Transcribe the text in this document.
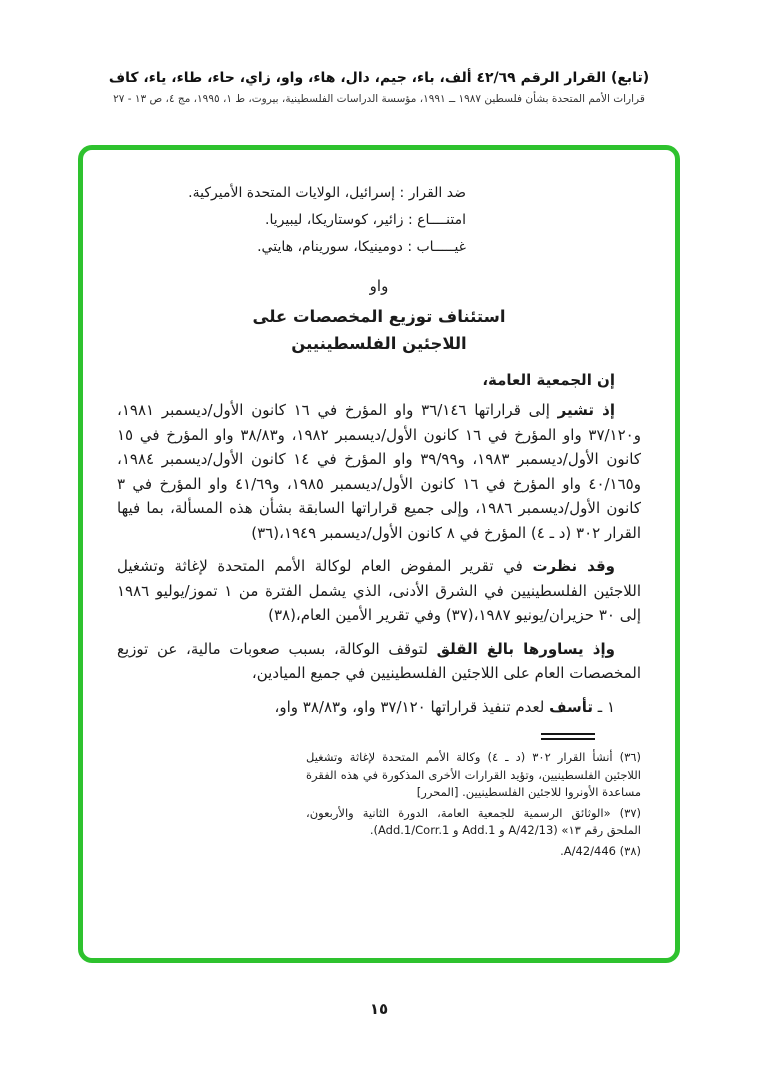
(تابع) القرار الرقم ٤٢/٦٩ ألف، باء، جيم، دال، هاء، واو، زاي، حاء، طاء، ياء، كاف
قرارات الأمم المتحدة بشأن فلسطين ١٩٨٧ ــ ١٩٩١، مؤسسة الدراسات الفلسطينية، بيروت، ط ١، ١٩٩٥، مج ٤، ص ١٣ - ٢٧
ضد القرار : إسرائيل، الولايات المتحدة الأميركية.
امتنــــاع : زائير، كوستاريكا، ليبيريا.
غيـــــاب : دومينيكا، سورينام، هايتي.
واو
استئناف توزيع المخصصات على
اللاجئين الفلسطينيين

إن الجمعية العامة،

إذ تشير إلى قراراتها ٣٦/١٤٦ واو المؤرخ في ١٦ كانون الأول/ديسمبر ١٩٨١، و٣٧/١٢٠ واو المؤرخ في ١٦ كانون الأول/ديسمبر ١٩٨٢، و٣٨/٨٣ واو المؤرخ في ١٥ كانون الأول/ديسمبر ١٩٨٣، و٣٩/٩٩ واو المؤرخ في ١٤ كانون الأول/ديسمبر ١٩٨٤، و٤٠/١٦٥ واو المؤرخ في ١٦ كانون الأول/ديسمبر ١٩٨٥، و٤١/٦٩ واو المؤرخ في ٣ كانون الأول/ديسمبر ١٩٨٦، وإلى جميع قراراتها السابقة بشأن هذه المسألة، بما فيها القرار ٣٠٢ (د ـ ٤) المؤرخ في ٨ كانون الأول/ديسمبر ١٩٤٩،(٣٦)

وقد نظرت في تقرير المفوض العام لوكالة الأمم المتحدة لإغاثة وتشغيل اللاجئين الفلسطينيين في الشرق الأدنى، الذي يشمل الفترة من ١ تموز/يوليو ١٩٨٦ إلى ٣٠ حزيران/يونيو ١٩٨٧،(٣٧) وفي تقرير الأمين العام،(٣٨)

وإذ يساورها بالغ القلق لتوقف الوكالة، بسبب صعوبات مالية، عن توزيع المخصصات العام على اللاجئين الفلسطينيين في جميع الميادين،

١ ـ تأسف لعدم تنفيذ قراراتها ٣٧/١٢٠ واو، و٣٨/٨٣ واو،

(٣٦) أنشأ القرار ٣٠٢ (د ـ ٤) وكالة الأمم المتحدة لإغاثة وتشغيل اللاجئين الفلسطينيين، وتؤيد القرارات الأخرى المذكورة في هذه الفقرة مساعدة الأونروا للاجئين الفلسطينيين. [المحرر]

(٣٧) «الوثائق الرسمية للجمعية العامة، الدورة الثانية والأربعون، الملحق رقم ١٣» (A/42/13 و Add.1 و Add.1/Corr.1).

(٣٨) A/42/446.

١٥
